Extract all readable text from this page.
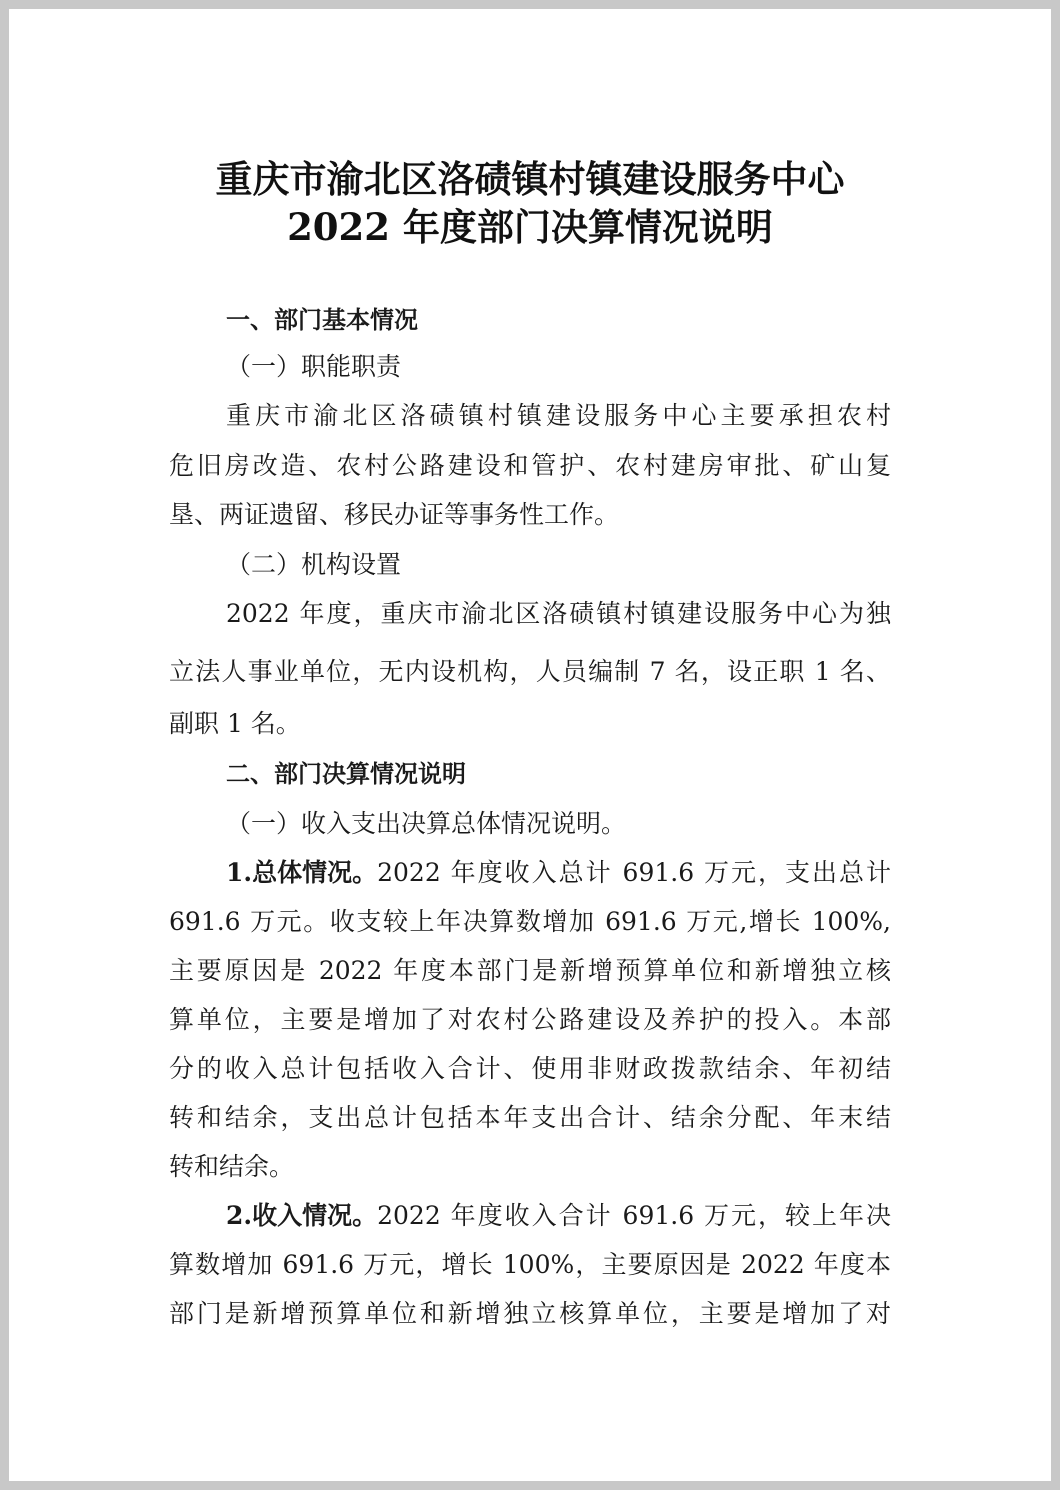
重庆市渝北区洛碛镇村镇建设服务中心
2022 年度部门决算情况说明
一、部门基本情况
（一）职能职责
重庆市渝北区洛碛镇村镇建设服务中心主要承担农村
危旧房改造、农村公路建设和管护、农村建房审批、矿山复
垦、两证遗留、移民办证等事务性工作。
（二）机构设置
2022 年度，重庆市渝北区洛碛镇村镇建设服务中心为独
立法人事业单位，无内设机构，人员编制 7 名，设正职 1 名、
副职 1 名。
二、部门决算情况说明
（一）收入支出决算总体情况说明。
1.总体情况。 2022 年度收入总计 691.6 万元，支出总计
691.6 万元。收支较上年决算数增加 691.6 万元,增长 100%,
主要原因是 2022 年度本部门是新增预算单位和新增独立核
算单位，主要是增加了对农村公路建设及养护的投入。本部
分的收入总计包括收入合计、使用非财政拨款结余、年初结
转和结余，支出总计包括本年支出合计、结余分配、年末结
转和结余。
2.收入情况。 2022 年度收入合计 691.6 万元，较上年决
算数增加 691.6 万元，增长 100%，主要原因是 2022 年度本
部门是新增预算单位和新增独立核算单位，主要是增加了对
